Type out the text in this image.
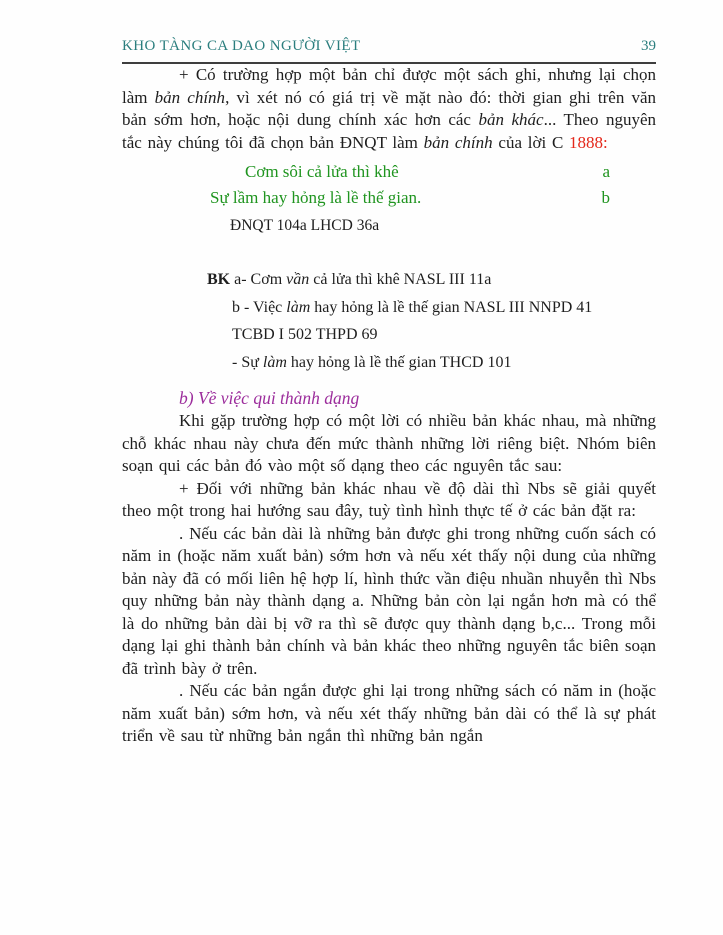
KHO TÀNG CA DAO NGƯỜI VIỆT	39

+ Có trường hợp một bản chỉ được một sách ghi, nhưng lại chọn làm bản chính, vì xét nó có giá trị về mặt nào đó: thời gian ghi trên văn bản sớm hơn, hoặc nội dung chính xác hơn các bản khác... Theo nguyên tắc này chúng tôi đã chọn bản ĐNQT làm bản chính của lời C 1888:

Cơm sôi cả lửa thì khê	a
Sự lầm hay hỏng là lề thế gian.	b
ĐNQT 104a LHCD 36a
BK a- Cơm vần cả lửa thì khê NASL III 11a
b - Việc làm hay hỏng là lề thế gian NASL III NNPD 41
TCBD I 502 THPD 69
- Sự làm hay hỏng là lề thế gian THCD 101
b) Về việc qui thành dạng

Khi gặp trường hợp có một lời có nhiều bản khác nhau, mà những chỗ khác nhau này chưa đến mức thành những lời riêng biệt. Nhóm biên soạn qui các bản đó vào một số dạng theo các nguyên tắc sau:

+ Đối với những bản khác nhau về độ dài thì Nbs sẽ giải quyết theo một trong hai hướng sau đây, tuỳ tình hình thực tế ở các bản đặt ra:

. Nếu các bản dài là những bản được ghi trong những cuốn sách có năm in (hoặc năm xuất bản) sớm hơn và nếu xét thấy nội dung của những bản này đã có mối liên hệ hợp lí, hình thức vần điệu nhuần nhuyễn thì Nbs quy những bản này thành dạng a. Những bản còn lại ngắn hơn mà có thể là do những bản dài bị vỡ ra thì sẽ được quy thành dạng b,c... Trong mỗi dạng lại ghi thành bản chính và bản khác theo những nguyên tắc biên soạn đã trình bày ở trên.

. Nếu các bản ngắn được ghi lại trong những sách có năm in (hoặc năm xuất bản) sớm hơn, và nếu xét thấy những bản dài có thể là sự phát triển về sau từ những bản ngắn thì những bản ngắn
